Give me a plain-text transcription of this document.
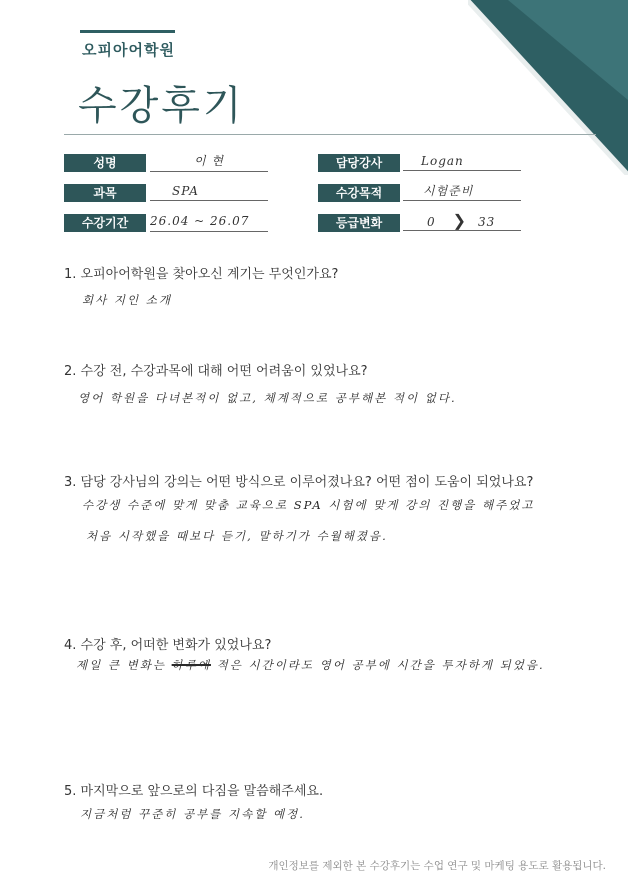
오피아어학원
수강후기
성명	이 현	담당강사	Logan
과목	SPA	수강목적	시험준비
수강기간	26.04 ~ 26.07	등급변화	0   ❯  33
1. 오피아어학원을 찾아오신 계기는 무엇인가요?
회사 지인 소개
2. 수강 전, 수강과목에 대해 어떤 어려움이 있었나요?
영어 학원을 다녀본적이 없고, 체계적으로 공부해본 적이 없다.
3. 담당 강사님의 강의는 어떤 방식으로 이루어졌나요? 어떤 점이 도움이 되었나요?
수강생 수준에 맞게 맞춤 교육으로 SPA 시험에 맞게 강의 진행을 해주었고
처음 시작했을 때보다 듣기, 말하기가 수월해졌음.
4. 수강 후, 어떠한 변화가 있었나요?
제일 큰 변화는 하루에 적은 시간이라도 영어 공부에 시간을 투자하게 되었음.
5. 마지막으로 앞으로의 다짐을 말씀해주세요.
지금처럼 꾸준히 공부를 지속할 예정.
개인정보를 제외한 본 수강후기는 수업 연구 및 마케팅 용도로 활용됩니다.
